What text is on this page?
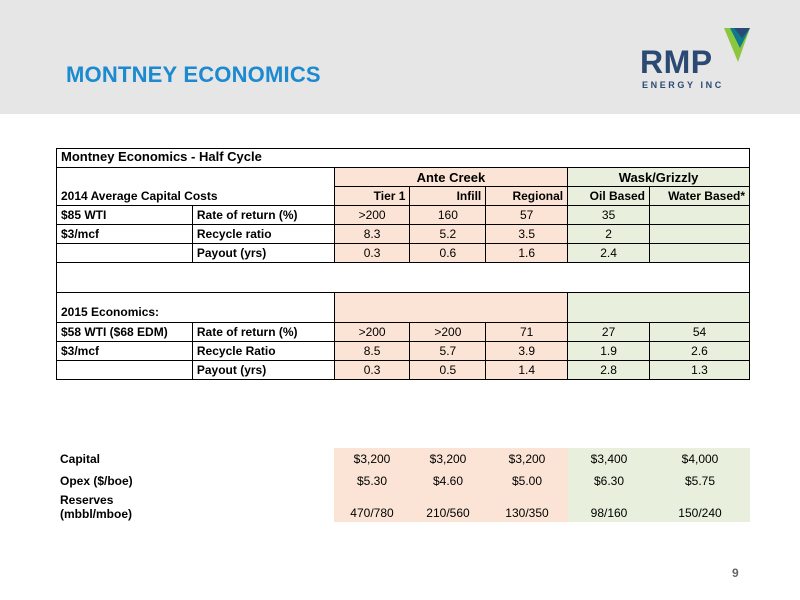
MONTNEY ECONOMICS	RMP
ENERGY INC
Montney Economics - Half Cycle						
		Ante Creek			Wask/Grizzly	
2014 Average Capital Costs		Tier 1	Infill	Regional	Oil Based	Water Based*
$85 WTI	Rate of return (%)	>200	160	57	35	
$3/mcf	Recycle ratio	8.3	5.2	3.5	2	
	Payout (yrs)	0.3	0.6	1.6	2.4	

2015 Economics:						
$58 WTI ($68 EDM)	Rate of return (%)	>200	>200	71	27	54
$3/mcf	Recycle Ratio	8.5	5.7	3.9	1.9	2.6
	Payout (yrs)	0.3	0.5	1.4	2.8	1.3
Capital	$3,200	$3,200	$3,200	$3,400	$4,000
Opex ($/boe)	$5.30	$4.60	$5.00	$6.30	$5.75

Reserves
(mbbl/mboe)	470/780	210/560	130/350	98/160	150/240
9
